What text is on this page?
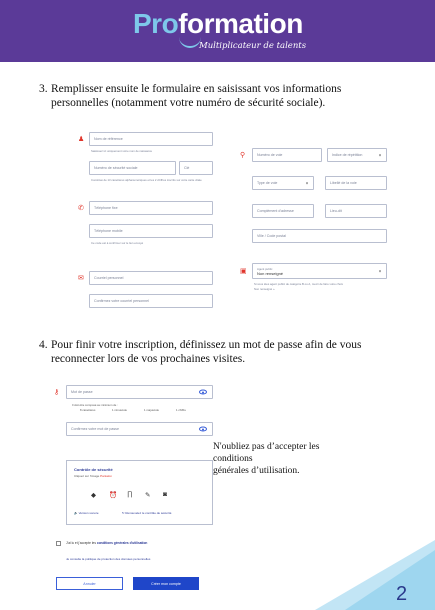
Proformation
Multiplicateur de talents
3. Remplisser ensuite le formulaire en saisissant vos informations
personnelles (notamment votre numéro de sécurité sociale).
♟	Nom de référence
Saisissez ici uniquement votre nom de naissance
Numéro de sécurité sociale	Clé
Constitué de 13 caractères alphanumériques et les 2 chiffres inscrits sur votre carte vitale
✆	Téléphone fixe
Téléphone mobile
Ce code est à confirmer sur le lien envoyé
✉	Courriel personnel
Confirmez votre courriel personnel
⚲	Numéro de voie	Indice de répétition	▾
Type de voie	▾	Libellé de la voie
Complément d'adresse	Lieu-dit
Ville / Code postal
▣	Agent public
Non renseigné	▾
Si vous êtes agent public de catégorie B ou A, merci de faire votre choix
Non renseigné »
4. Pour finir votre inscription, définissez un mot de passe afin de vous
reconnecter lors de vos prochaines visites.
⚷	Mot de passe
Il doit être composé au minimum de :
8 caractères	1 minuscule	1 majuscule	1 chiffre
Confirmez votre mot de passe
N'oubliez pas d’accepter les conditions
générales d’utilisation.
Contrôle de sécurité
Cliquez sur l'image Pantalon
◆ ⏰ ∏ ✎ ◙
🔈 Version sonore	↻ Renouvelez le contrôle de sécurité
J'ai lu et j'accepte les conditions générales d'utilisation
Je consulte la politique de protection des données personnelles
Annuler	Créer mon compte	2
